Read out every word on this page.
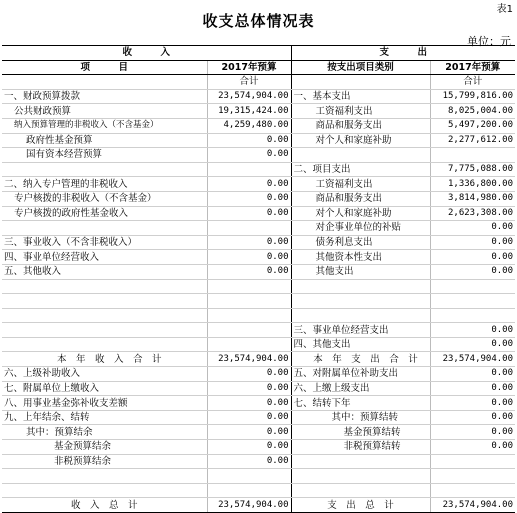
表1
收支总体情况表
单位：元
收　　　入		支　　　出	
项　　　目	2017年预算	按支出项目类别	2017年预算
	合计		合计
一、财政预算拨款	23,574,904.00	一、基本支出	15,799,816.00
公共财政预算	19,315,424.00	工资福利支出	8,025,004.00
纳入预算管理的非税收入（不含基金）	4,259,480.00	商品和服务支出	5,497,200.00
政府性基金预算	0.00	对个人和家庭补助	2,277,612.00
国有资本经营预算	0.00		
		二、项目支出	7,775,088.00
二、纳入专户管理的非税收入	0.00	工资福利支出	1,336,800.00
专户核拨的非税收入（不含基金）	0.00	商品和服务支出	3,814,980.00
专户核拨的政府性基金收入	0.00	对个人和家庭补助	2,623,308.00
		对企事业单位的补贴	0.00
三、事业收入（不含非税收入）	0.00	债务利息支出	0.00
四、事业单位经营收入	0.00	其他资本性支出	0.00
五、其他收入	0.00	其他支出	0.00

		三、事业单位经营支出	0.00
		四、其他支出	0.00
本　年　收　入　合　计	23,574,904.00	本　年　支　出　合　计	23,574,904.00
六、上级补助收入	0.00	五、对附属单位补助支出	0.00
七、附属单位上缴收入	0.00	六、上缴上级支出	0.00
八、用事业基金弥补收支差额	0.00	七、结转下年	0.00
九、上年结余、结转	0.00	其中：预算结转	0.00
其中：预算结余	0.00	基金预算结转	0.00
基金预算结余	0.00	非税预算结转	0.00
非税预算结余	0.00		

收　入　总　计	23,574,904.00	支　出　总　计	23,574,904.00
